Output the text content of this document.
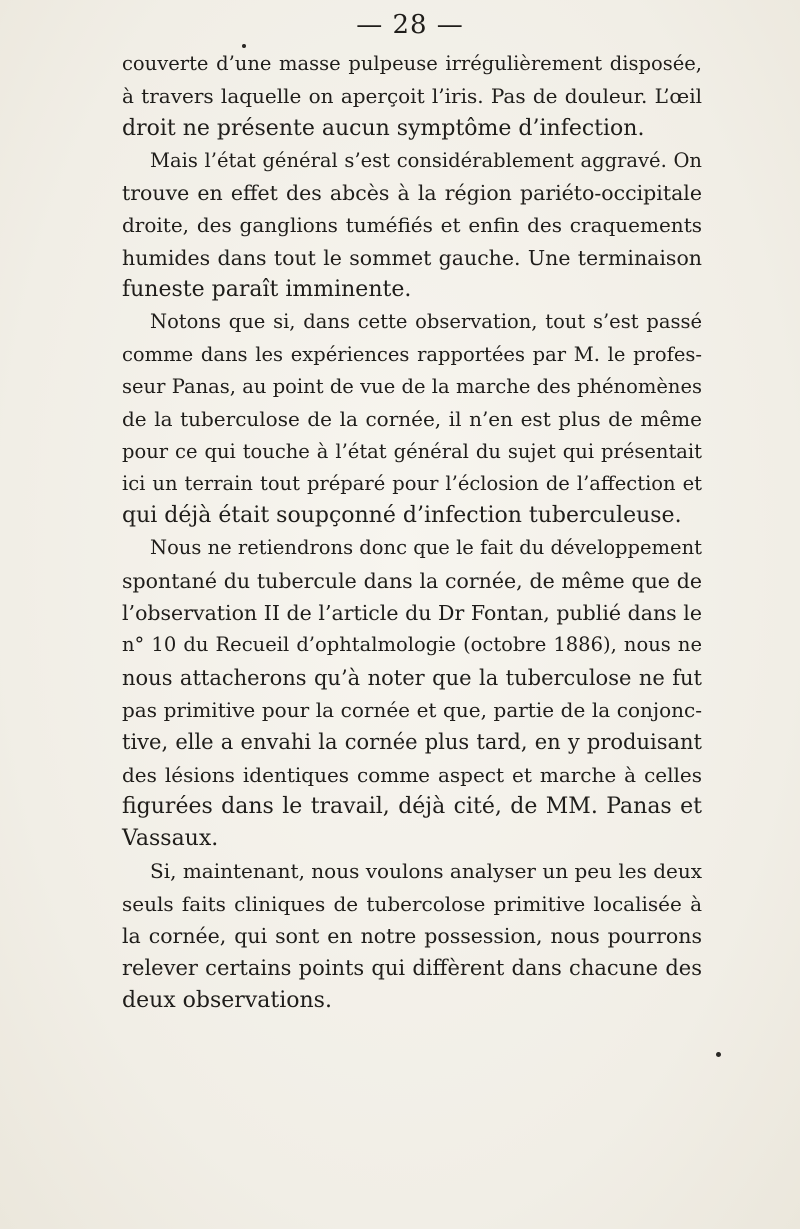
— 28 —
couverte d’une masse pulpeuse irrégulièrement disposée,
à travers laquelle on aperçoit l’iris. Pas de douleur. L’œil
droit ne présente aucun symptôme d’infection.
Mais l’état général s’est considérablement aggravé. On
trouve en effet des abcès à la région pariéto-occipitale
droite, des ganglions tuméfiés et enfin des craquements
humides dans tout le sommet gauche. Une terminaison
funeste paraît imminente.
Notons que si, dans cette observation, tout s’est passé
comme dans les expériences rapportées par M. le profes-
seur Panas, au point de vue de la marche des phénomènes
de la tuberculose de la cornée, il n’en est plus de même
pour ce qui touche à l’état général du sujet qui présentait
ici un terrain tout préparé pour l’éclosion de l’affection et
qui déjà était soupçonné d’infection tuberculeuse.
Nous ne retiendrons donc que le fait du développement
spontané du tubercule dans la cornée, de même que de
l’observation II de l’article du Dr Fontan, publié dans le
n° 10 du Recueil d’ophtalmologie (octobre 1886), nous ne
nous attacherons qu’à noter que la tuberculose ne fut
pas primitive pour la cornée et que, partie de la conjonc-
tive, elle a envahi la cornée plus tard, en y produisant
des lésions identiques comme aspect et marche à celles
figurées dans le travail, déjà cité, de MM. Panas et
Vassaux.
Si, maintenant, nous voulons analyser un peu les deux
seuls faits cliniques de tubercolose primitive localisée à
la cornée, qui sont en notre possession, nous pourrons
relever certains points qui diffèrent dans chacune des
deux observations.
